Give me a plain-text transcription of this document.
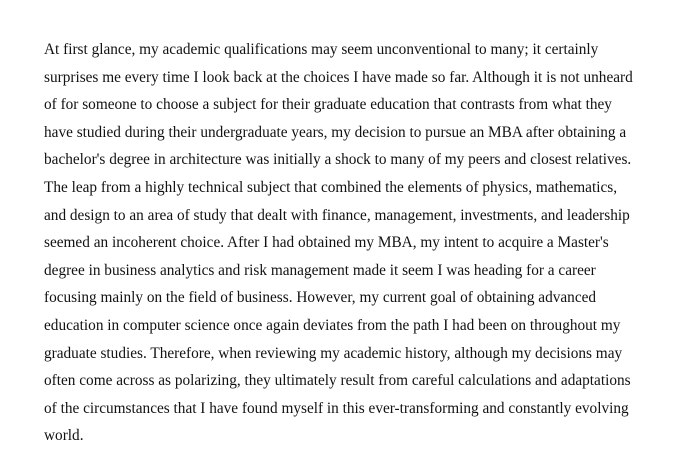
At first glance, my academic qualifications may seem unconventional to many; it certainly
surprises me every time I look back at the choices I have made so far. Although it is not unheard
of for someone to choose a subject for their graduate education that contrasts from what they
have studied during their undergraduate years, my decision to pursue an MBA after obtaining a
bachelor's degree in architecture was initially a shock to many of my peers and closest relatives.
The leap from a highly technical subject that combined the elements of physics, mathematics,
and design to an area of study that dealt with finance, management, investments, and leadership
seemed an incoherent choice. After I had obtained my MBA, my intent to acquire a Master's
degree in business analytics and risk management made it seem I was heading for a career
focusing mainly on the field of business. However, my current goal of obtaining advanced
education in computer science once again deviates from the path I had been on throughout my
graduate studies. Therefore, when reviewing my academic history, although my decisions may
often come across as polarizing, they ultimately result from careful calculations and adaptations
of the circumstances that I have found myself in this ever-transforming and constantly evolving
world.
